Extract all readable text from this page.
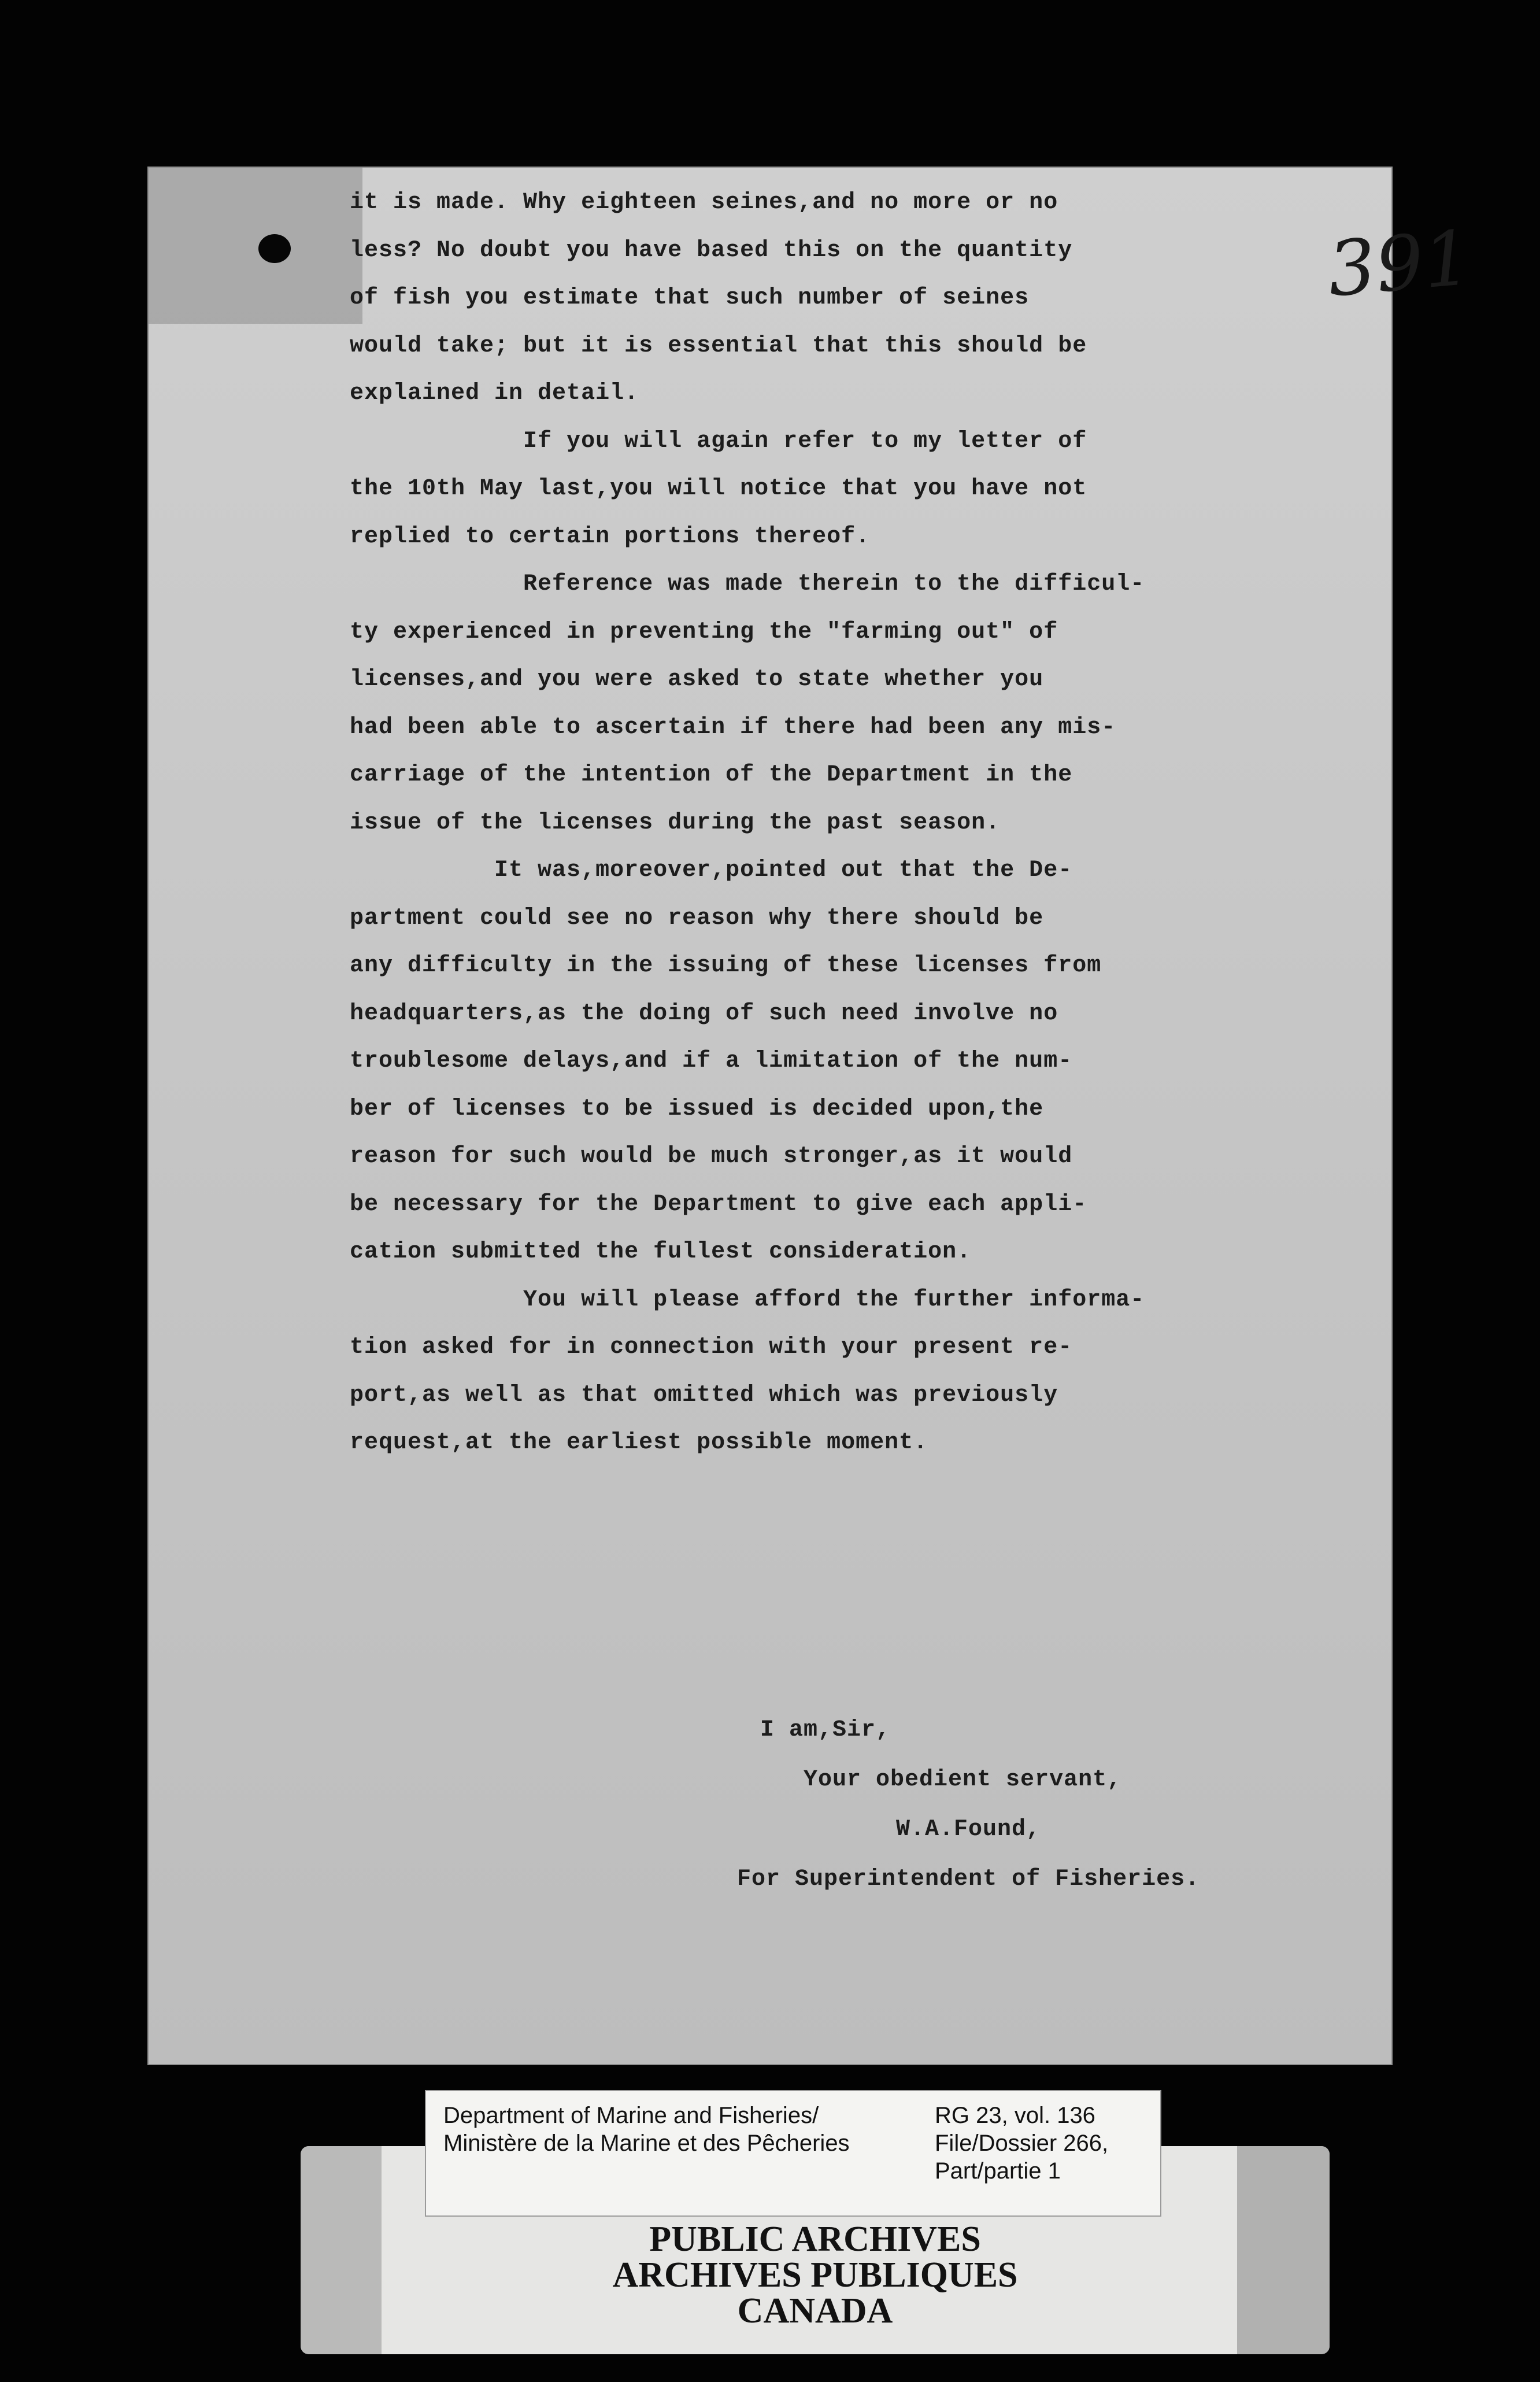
391
it is made. Why eighteen seines,and no more or no
less? No doubt you have based this on the quantity
of fish you estimate that such number of seines
would take; but it is essential that this should be
explained in detail.
If you will again refer to my letter of
the 10th May last,you will notice that you have not
replied to certain portions thereof.
Reference was made therein to the difficul-
ty experienced in preventing the "farming out" of
licenses,and you were asked to state whether you
had been able to ascertain if there had been any mis-
carriage of the intention of the Department in the
issue of the licenses during the past season.
It was,moreover,pointed out that the De-
partment could see no reason why there should be
any difficulty in the issuing of these licenses from
headquarters,as the doing of such need involve no
troublesome delays,and if a limitation of the num-
ber of licenses to be issued is decided upon,the
reason for such would be much stronger,as it would
be necessary for the Department to give each appli-
cation submitted the fullest consideration.
You will please afford the further informa-
tion asked for in connection with your present re-
port,as well as that omitted which was previously
request,at the earliest possible moment.
I am,Sir,
Your obedient servant,
W.A.Found,
For Superintendent of Fisheries.
PUBLIC ARCHIVES
ARCHIVES PUBLIQUES
CANADA
Department of Marine and Fisheries/
Ministère de la Marine et des Pêcheries
RG 23, vol. 136
File/Dossier 266,
Part/partie 1
